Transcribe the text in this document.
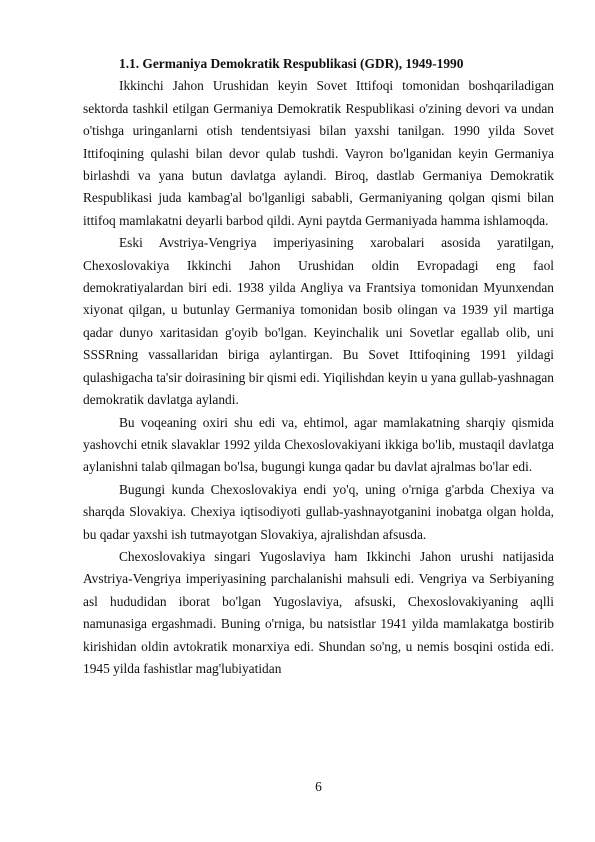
1.1. Germaniya Demokratik Respublikasi (GDR), 1949-1990

Ikkinchi Jahon Urushidan keyin Sovet Ittifoqi tomonidan boshqariladigan sektorda tashkil etilgan Germaniya Demokratik Respublikasi o'zining devori va undan o'tishga uringanlarni otish tendentsiyasi bilan yaxshi tanilgan. 1990 yilda Sovet Ittifoqining qulashi bilan devor qulab tushdi. Vayron bo'lganidan keyin Germaniya birlashdi va yana butun davlatga aylandi. Biroq, dastlab Germaniya Demokratik Respublikasi juda kambag'al bo'lganligi sababli, Germaniyaning qolgan qismi bilan ittifoq mamlakatni deyarli barbod qildi. Ayni paytda Germaniyada hamma ishlamoqda.

Eski Avstriya-Vengriya imperiyasining xarobalari asosida yaratilgan, Chexoslovakiya Ikkinchi Jahon Urushidan oldin Evropadagi eng faol demokratiyalardan biri edi. 1938 yilda Angliya va Frantsiya tomonidan Myunxendan xiyonat qilgan, u butunlay Germaniya tomonidan bosib olingan va 1939 yil martiga qadar dunyo xaritasidan g'oyib bo'lgan. Keyinchalik uni Sovetlar egallab olib, uni SSSRning vassallaridan biriga aylantirgan. Bu Sovet Ittifoqining 1991 yildagi qulashigacha ta'sir doirasining bir qismi edi. Yiqilishdan keyin u yana gullab-yashnagan demokratik davlatga aylandi.

Bu voqeaning oxiri shu edi va, ehtimol, agar mamlakatning sharqiy qismida yashovchi etnik slavaklar 1992 yilda Chexoslovakiyani ikkiga bo'lib, mustaqil davlatga aylanishni talab qilmagan bo'lsa, bugungi kunga qadar bu davlat ajralmas bo'lar edi.

Bugungi kunda Chexoslovakiya endi yo'q, uning o'rniga g'arbda Chexiya va sharqda Slovakiya. Chexiya iqtisodiyoti gullab-yashnayotganini inobatga olgan holda, bu qadar yaxshi ish tutmayotgan Slovakiya, ajralishdan afsusda.

Chexoslovakiya singari Yugoslaviya ham Ikkinchi Jahon urushi natijasida Avstriya-Vengriya imperiyasining parchalanishi mahsuli edi. Vengriya va Serbiyaning asl hududidan iborat bo'lgan Yugoslaviya, afsuski, Chexoslovakiyaning aqlli namunasiga ergashmadi. Buning o'rniga, bu natsistlar 1941 yilda mamlakatga bostirib kirishidan oldin avtokratik monarxiya edi. Shundan so'ng, u nemis bosqini ostida edi. 1945 yilda fashistlar mag'lubiyatidan

6
